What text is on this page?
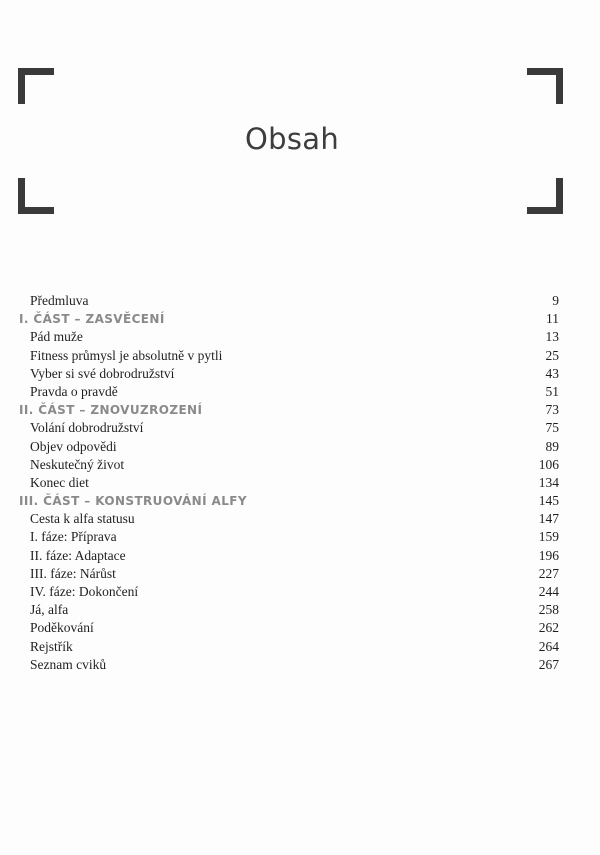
Obsah
Předmluva	9
I. ČÁST – ZASVĚCENÍ	11
Pád muže	13
Fitness průmysl je absolutně v pytli	25
Vyber si své dobrodružství	43
Pravda o pravdě	51
II. ČÁST – ZNOVUZROZENÍ	73
Volání dobrodružství	75
Objev odpovědi	89
Neskutečný život	106
Konec diet	134
III. ČÁST – KONSTRUOVÁNÍ ALFY	145
Cesta k alfa statusu	147
I. fáze: Příprava	159
II. fáze: Adaptace	196
III. fáze: Nárůst	227
IV. fáze: Dokončení	244
Já, alfa	258
Poděkování	262
Rejstřík	264
Seznam cviků	267
